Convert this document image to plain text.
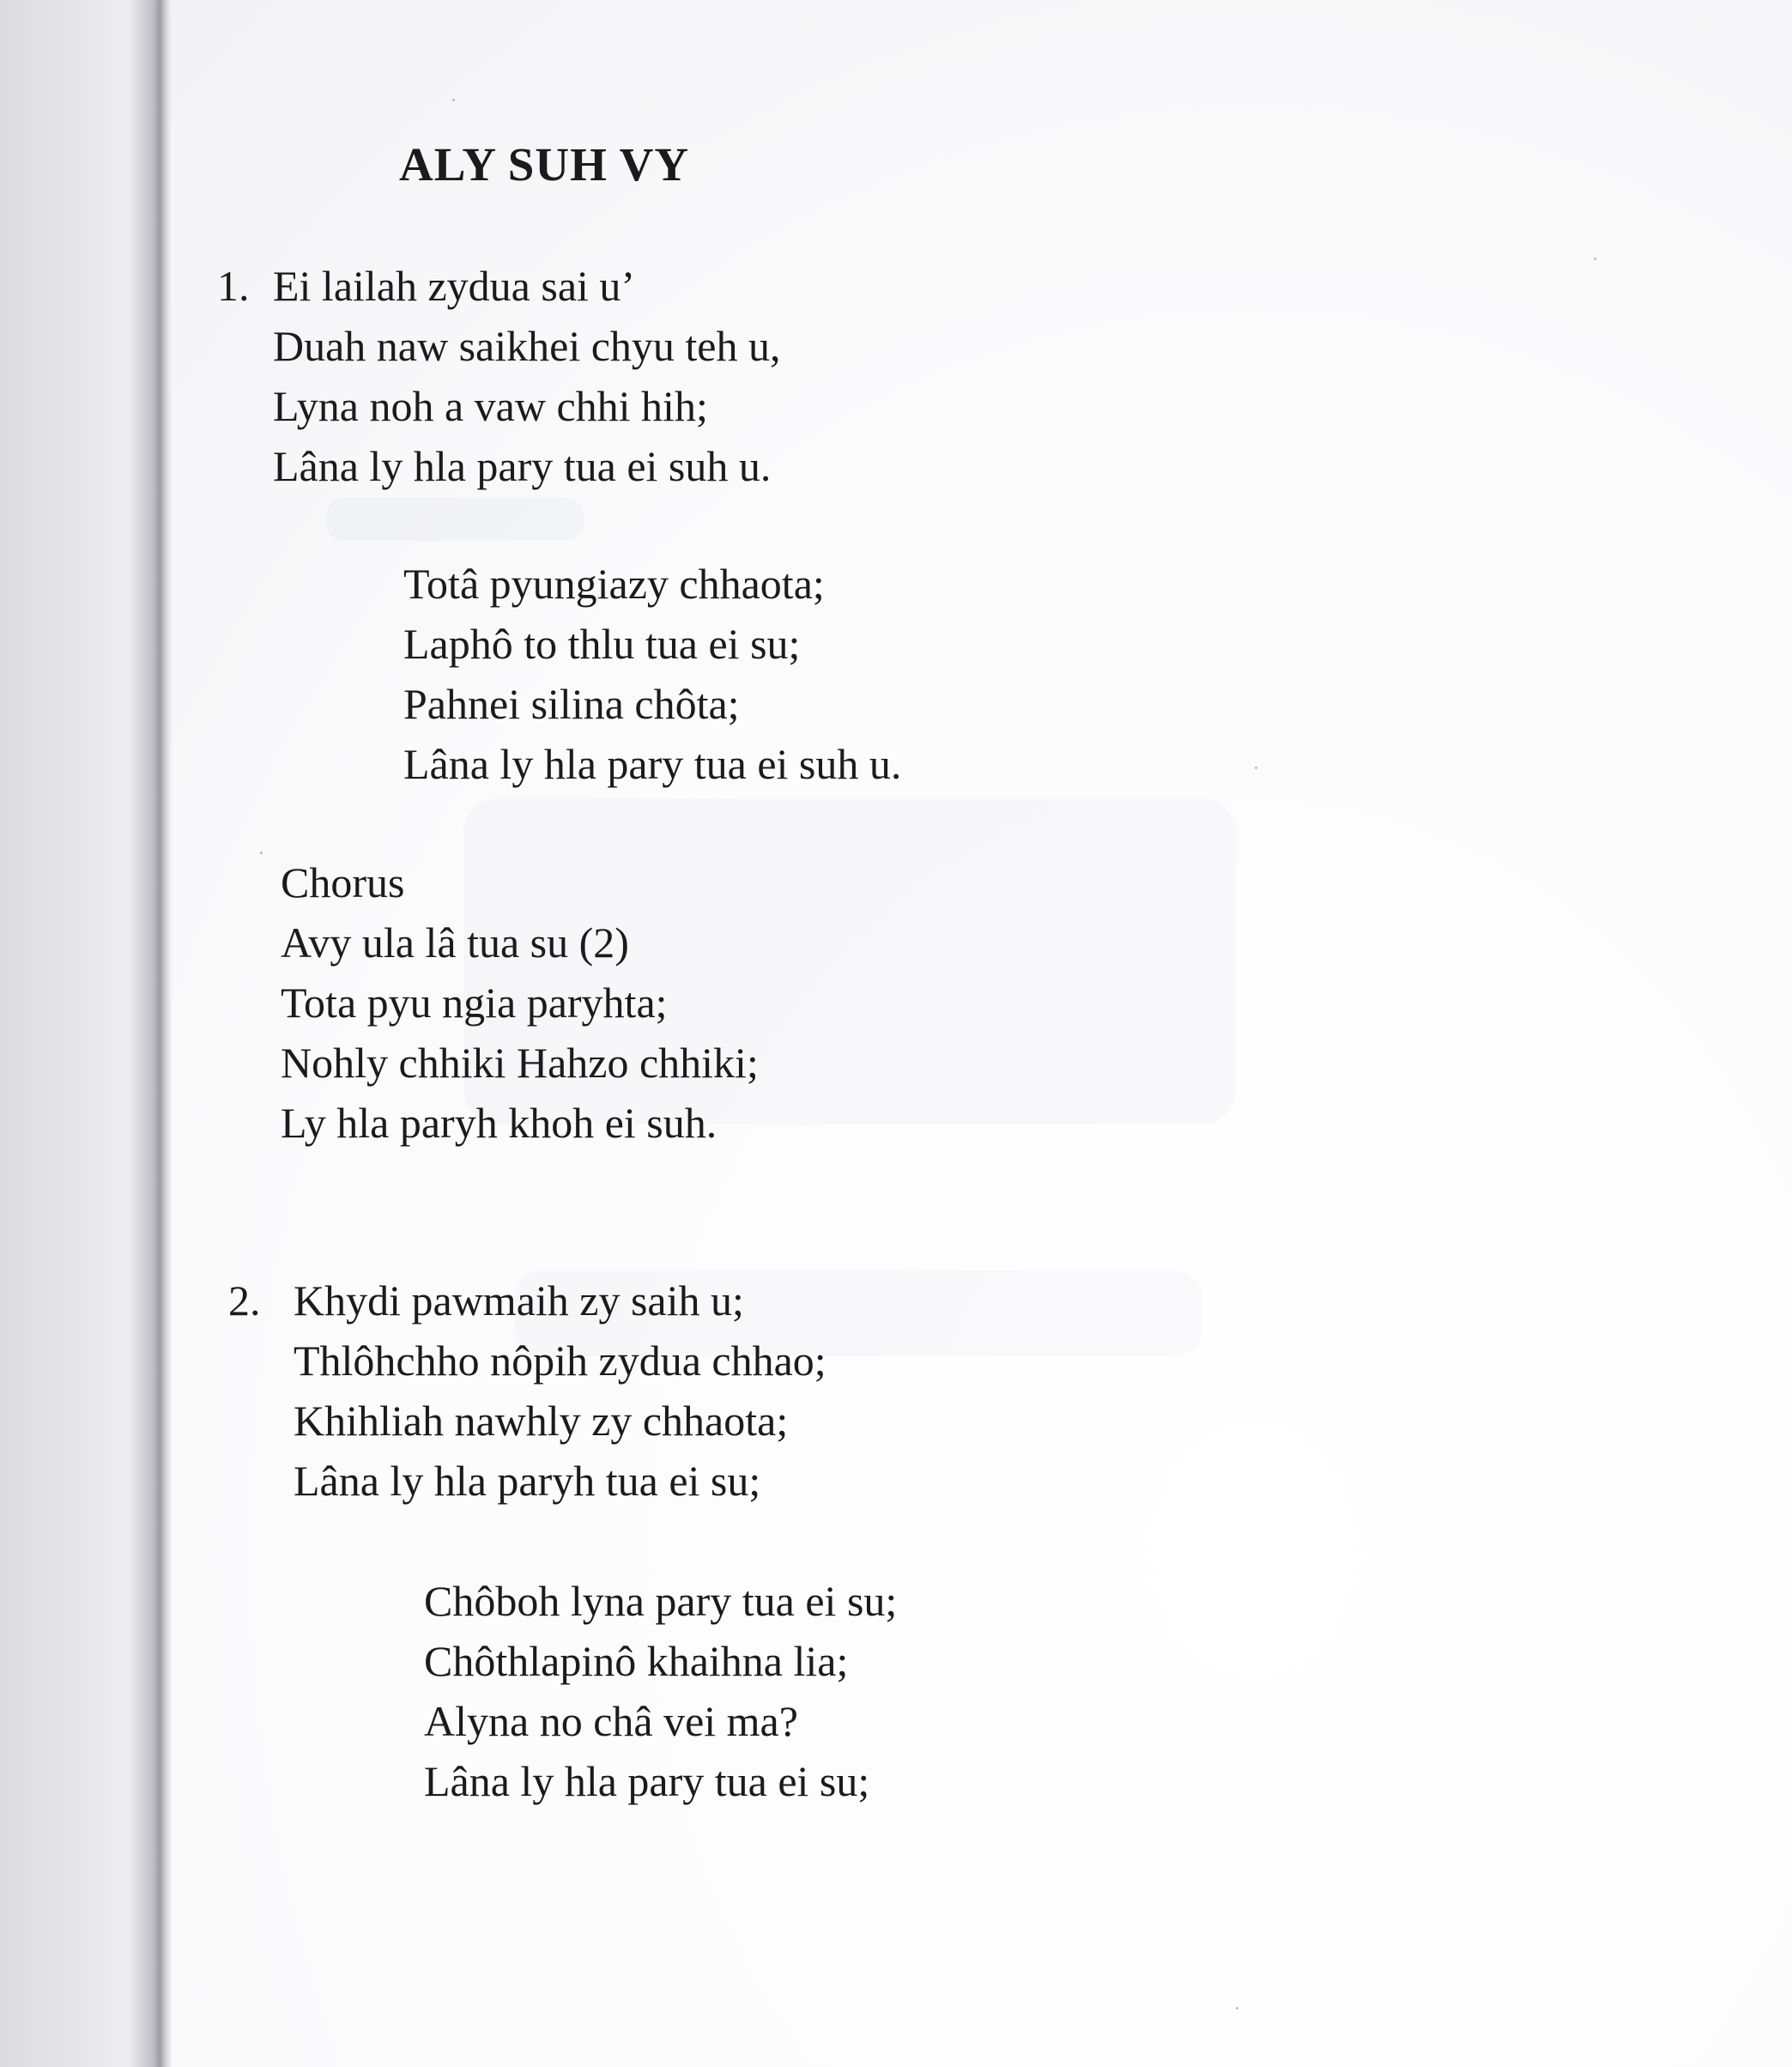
ALY SUH VY
1. Ei lailah zydua sai u’
Duah naw saikhei chyu teh u,
Lyna noh a vaw chhi hih;
Lâna ly hla pary tua ei suh u.
Totâ pyungiazy chhaota;
Laphô to thlu tua ei su;
Pahnei silina chôta;
Lâna ly hla pary tua ei suh u.
Chorus
Avy ula lâ tua su (2)
Tota pyu ngia paryhta;
Nohly chhiki Hahzo chhiki;
Ly hla paryh khoh ei suh.
2. Khydi pawmaih zy saih u;
Thlôhchho nôpih zydua chhao;
Khihliah nawhly zy chhaota;
Lâna ly hla paryh tua ei su;
Chôboh lyna pary tua ei su;
Chôthlapinô khaihna lia;
Alyna no châ vei ma?
Lâna ly hla pary tua ei su;
